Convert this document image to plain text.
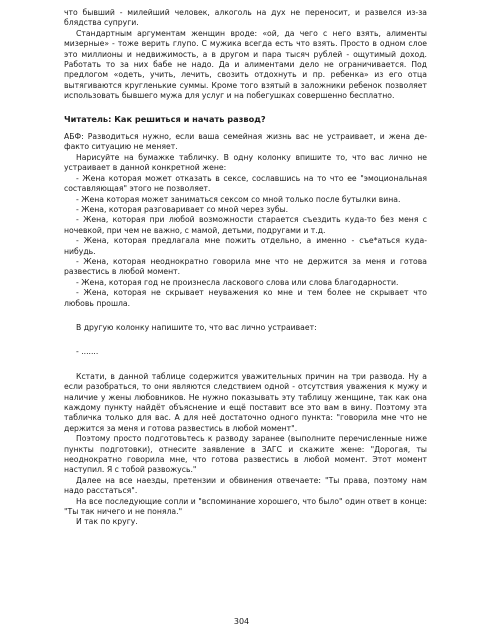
что бывший - милейший человек, алкоголь на дух не переносит, и развелся из-за блядства супруги.

Стандартным аргументам женщин вроде: «ой, да чего с него взять, алименты мизерные» - тоже верить глупо. С мужика всегда есть что взять. Просто в одном слое это миллионы и недвижимость, а в другом и пара тысяч рублей - ощутимый доход. Работать то за них бабе не надо. Да и алиментами дело не ограничивается. Под предлогом «одеть, учить, лечить, свозить отдохнуть и пр. ребенка» из его отца вытягиваются кругленькие суммы. Кроме того взятый в заложники ребенок позволяет использовать бывшего мужа для услуг и на побегушках совершенно бесплатно.

Читатель: Как решиться и начать развод?

АБФ: Разводиться нужно, если ваша семейная жизнь вас не устраивает, и жена де-факто ситуацию не меняет.

Нарисуйте на бумажке табличку. В одну колонку впишите то, что вас лично не устраивает в данной конкретной жене:

- Жена которая может отказать в сексе, сославшись на то что ее "эмоциональная составляющая" этого не позволяет.

- Жена которая может заниматься сексом со мной только после бутылки вина.

- Жена, которая разговаривает со мной через зубы.

- Жена, которая при любой возможности старается съездить куда-то без меня с ночевкой, при чем не важно, с мамой, детьми, подругами и т.д.

- Жена, которая предлагала мне пожить отдельно, а именно - съе*аться куда-нибудь.

- Жена, которая неоднократно говорила мне что не держится за меня и готова развестись в любой момент.

- Жена, которая год не произнесла ласкового слова или слова благодарности.

- Жена, которая не скрывает неуважения ко мне и тем более не скрывает что любовь прошла.

В другую колонку напишите то, что вас лично устраивает:

- .......

Кстати, в данной таблице содержится уважительных причин на три развода. Ну а если разобраться, то они являются следствием одной - отсутствия уважения к мужу и наличие у жены любовников. Не нужно показывать эту таблицу женщине, так как она каждому пункту найдёт объяснение и ещё поставит все это вам в вину. Поэтому эта табличка только для вас. А для неё достаточно одного пункта: "говорила мне что не держится за меня и готова развестись в любой момент".

Поэтому просто подготовьтесь к разводу заранее (выполните перечисленные ниже пункты подготовки), отнесите заявление в ЗАГС и скажите жене: "Дорогая, ты неоднократно говорила мне, что готова развестись в любой момент. Этот момент наступил. Я с тобой развожусь."

Далее на все наезды, претензии и обвинения отвечаете: "Ты права, поэтому нам надо расстаться".

На все последующие сопли и "вспоминание хорошего, что было" один ответ в конце: "Ты так ничего и не поняла."

И так по кругу.

304
